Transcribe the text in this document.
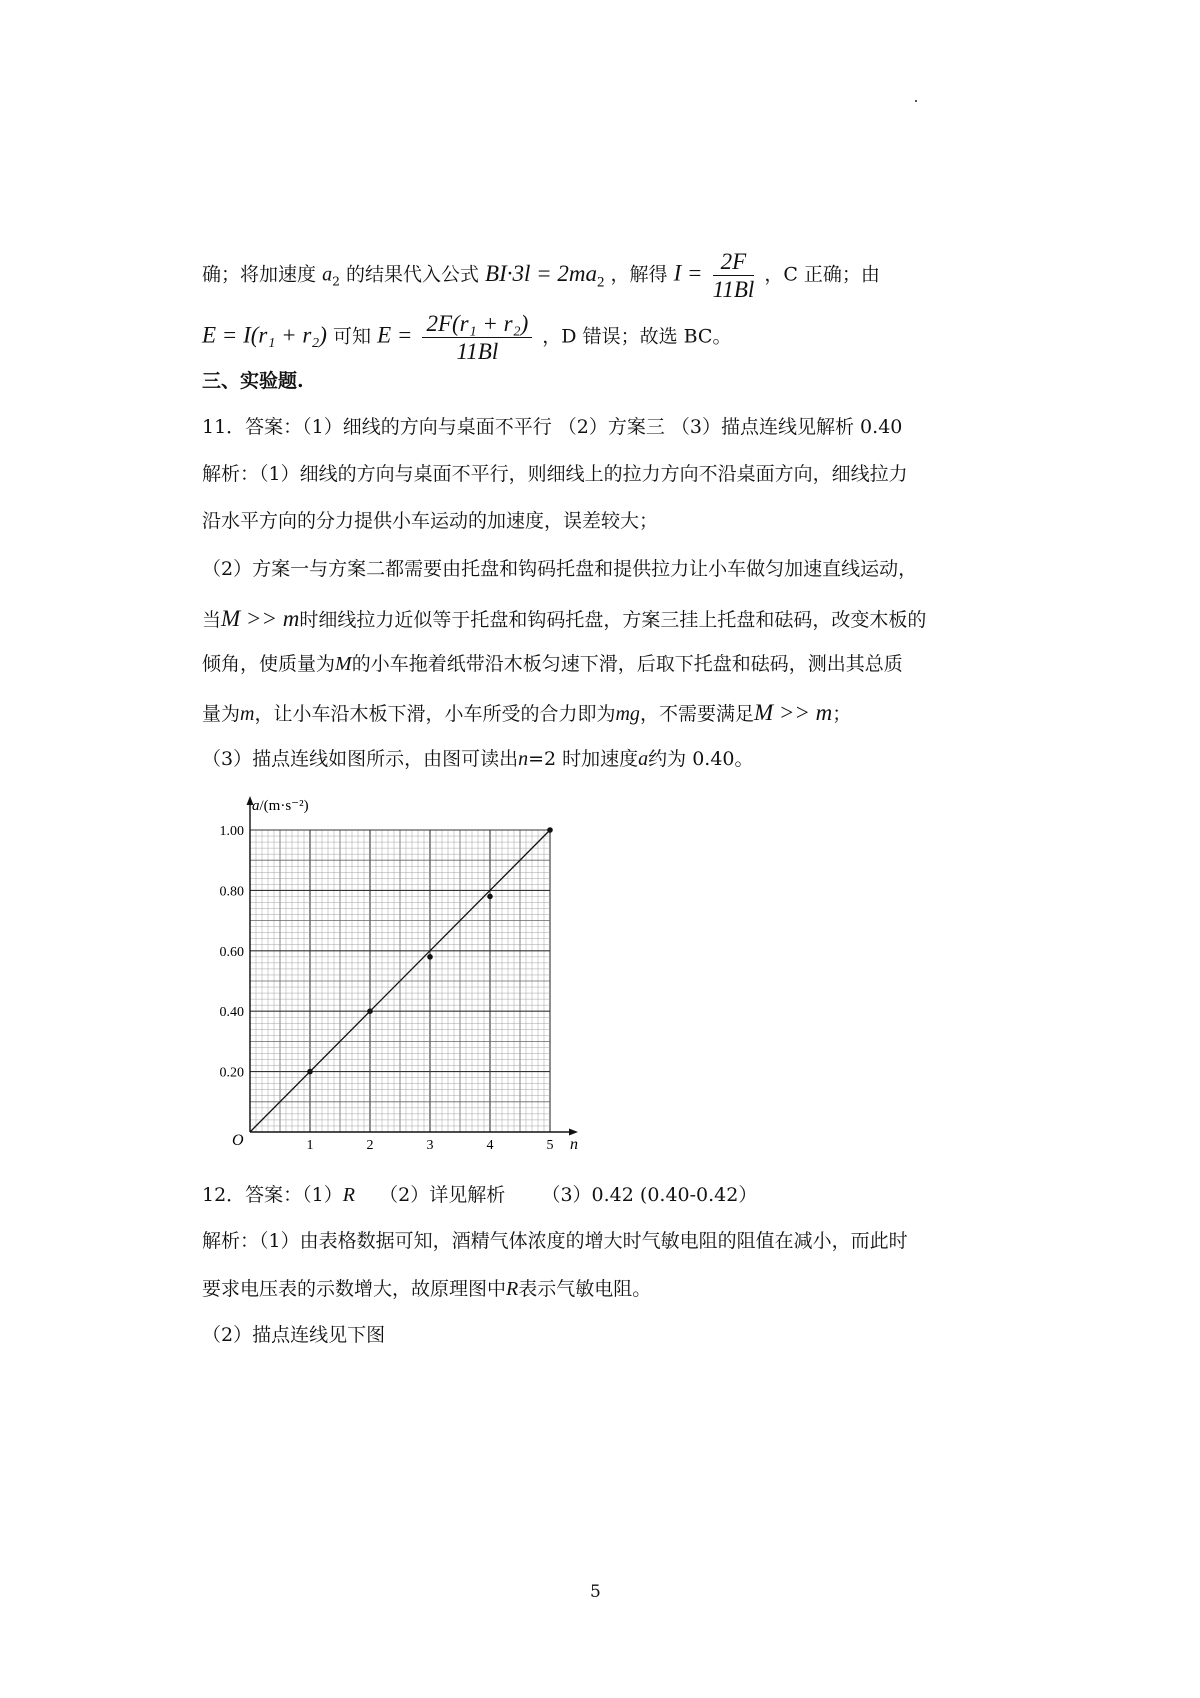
确；将加速度 $a_2$ 的结果代入公式 $BI\cdot 3l = 2ma_2$ ，解得 $I = \frac{2F}{11Bl}$ ，C 正确；由
E = I(r₁ + r₂) 可知 $E = \frac{\text{2F(r₁ + r₂)}}{11Bl}$ ，D 错误；故选 BC。
三、实验题.
11．答案：（1）细线的方向与桌面不平行 （2）方案三 （3）描点连线见解析 0.40
解析：（1）细线的方向与桌面不平行，则细线上的拉力方向不沿桌面方向，细线拉力
沿水平方向的分力提供小车运动的加速度，误差较大；
（2）方案一与方案二都需要由托盘和钩码托盘和提供拉力让小车做匀加速直线运动，
当M >> m时细线拉力近似等于托盘和钩码托盘，方案三挂上托盘和砝码，改变木板的
倾角，使质量为M的小车拖着纸带沿木板匀速下滑，后取下托盘和砝码，测出其总质
量为m，让小车沿木板下滑，小车所受的合力即为mg，不需要满足M >> m；
（3）描点连线如图所示，由图可读出n=2 时加速度a约为 0.40。
1	2	3	4	5
0.20
0.40
0.60
0.80
1.00
a/(m·s⁻²)
n
O
12．答案：（1）R    （2）详见解析      （3）0.42 (0.40-0.42）
解析：（1）由表格数据可知，酒精气体浓度的增大时气敏电阻的阻值在减小，而此时
要求电压表的示数增大，故原理图中R表示气敏电阻。
（2）描点连线见下图
5
